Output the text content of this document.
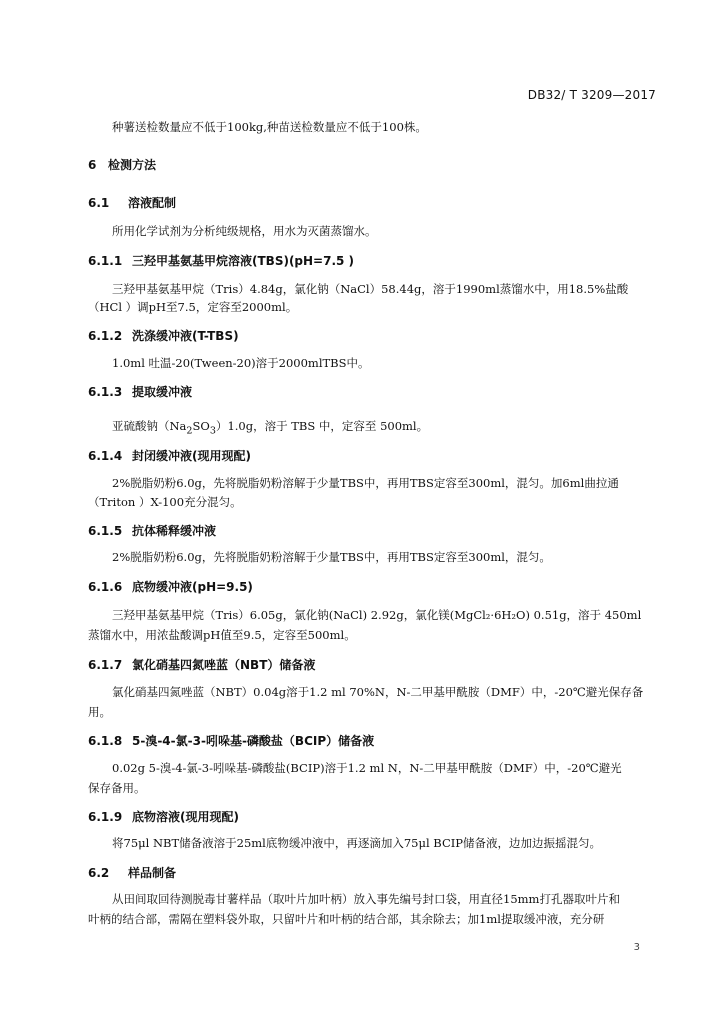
DB32/ T 3209—2017
种薯送检数量应不低于100kg,种苗送检数量应不低于100株。
6 检测方法
6.1 溶液配制
所用化学试剂为分析纯级规格，用水为灭菌蒸馏水。
6.1.1 三羟甲基氨基甲烷溶液(TBS)(pH=7.5 )
三羟甲基氨基甲烷（Tris）4.84g，氯化钠（NaCl）58.44g，溶于1990ml蒸馏水中，用18.5%盐酸
（HCl ）调pH至7.5，定容至2000ml。
6.1.2 洗涤缓冲液(T-TBS)
1.0ml 吐温-20(Tween-20)溶于2000mlTBS中。
6.1.3 提取缓冲液
亚硫酸钠$(Na_2SO_3)1.0g$，溶于 TBS 中，定容至 500ml。
6.1.4 封闭缓冲液(现用现配)
2%脱脂奶粉6.0g，先将脱脂奶粉溶解于少量TBS中，再用TBS定容至300ml，混匀。加6ml曲拉通
（Triton ）X-100充分混匀。
6.1.5 抗体稀释缓冲液
2%脱脂奶粉6.0g，先将脱脂奶粉溶解于少量TBS中，再用TBS定容至300ml，混匀。
6.1.6 底物缓冲液(pH=9.5)
三羟甲基氨基甲烷（Tris）6.05g，氯化钠(NaCl) 2.92g，氯化镁(MgCl₂·6H₂O) 0.51g，溶于 450ml
蒸馏水中，用浓盐酸调pH值至9.5，定容至500ml。
6.1.7 氯化硝基四氮唑蓝（NBT）储备液
氯化硝基四氮唑蓝（NBT）0.04g溶于1.2 ml 70%N，N-二甲基甲酰胺（DMF）中，-20℃避光保存备
用。
6.1.8 5-溴-4-氯-3-吲哚基-磷酸盐（BCIP）储备液
0.02g 5-溴-4-氯-3-吲哚基-磷酸盐(BCIP)溶于1.2 ml N，N-二甲基甲酰胺（DMF）中，-20℃避光
保存备用。
6.1.9 底物溶液(现用现配)
将75μl NBT储备液溶于25ml底物缓冲液中，再逐滴加入75μl BCIP储备液，边加边振摇混匀。
6.2 样品制备
从田间取回待测脱毒甘薯样品（取叶片加叶柄）放入事先编号封口袋，用直径15mm打孔器取叶片和
叶柄的结合部，需隔在塑料袋外取，只留叶片和叶柄的结合部，其余除去；加1ml提取缓冲液，充分研
3
